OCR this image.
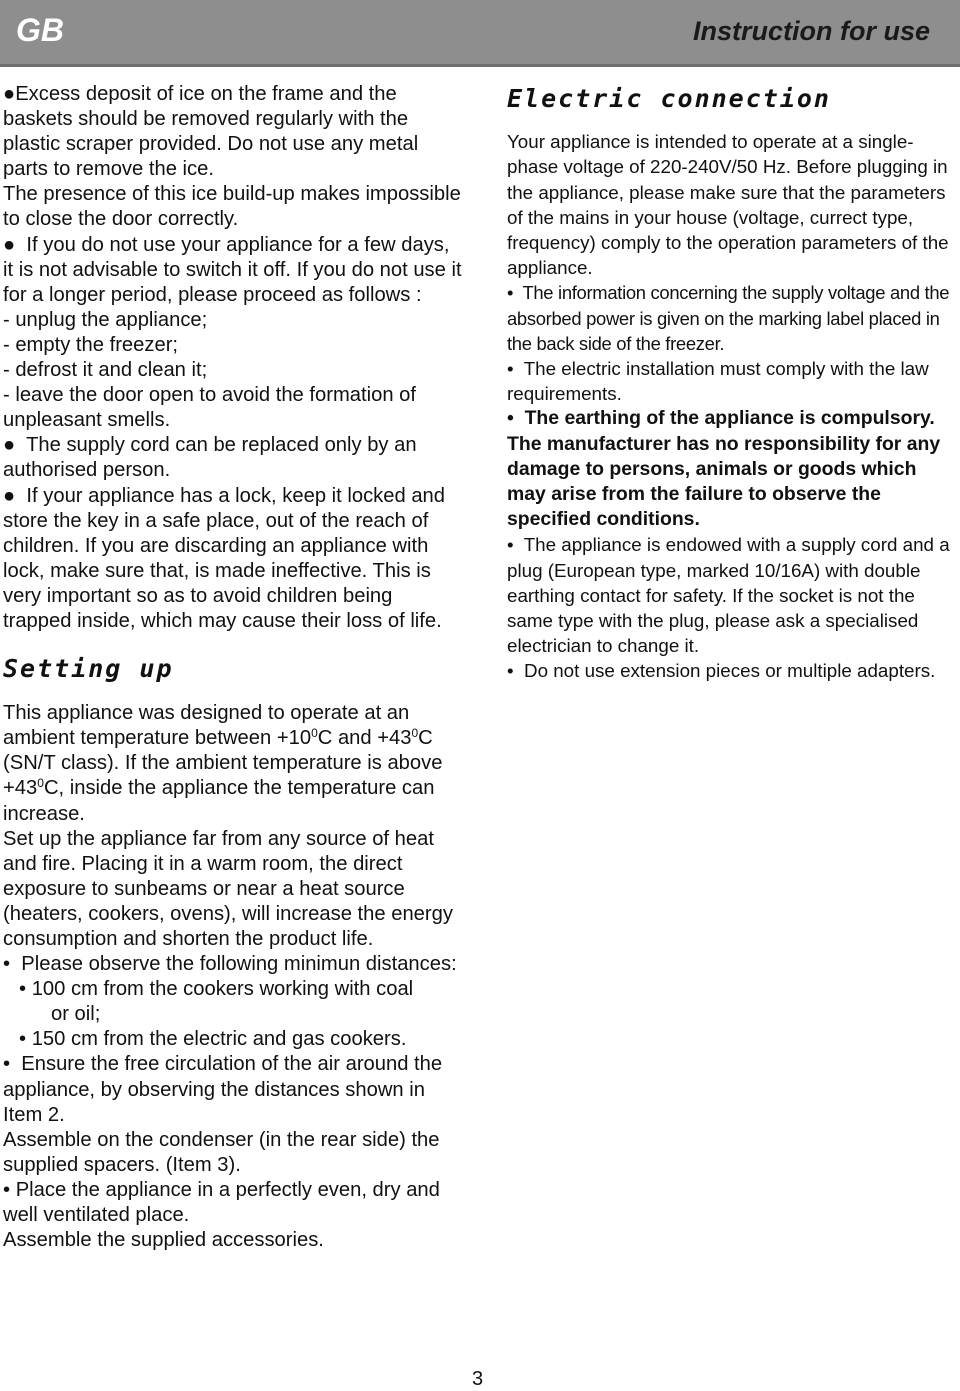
GB	Instruction for use

●Excess deposit of ice on the frame and the baskets should be removed regularly with the plastic scraper provided. Do not use any metal parts to remove the ice.

The presence of this ice build-up makes impossible to close the door correctly.

● If you do not use your appliance for a few days, it is not advisable to switch it off. If you do not use it for a longer period, please proceed as follows :

- unplug the appliance;

- empty the freezer;

- defrost it and clean it;

- leave the door open to avoid the formation of unpleasant smells.

● The supply cord can be replaced only by an authorised person.

● If your appliance has a lock, keep it locked and store the key in a safe place, out of the reach of children. If you are discarding an appliance with lock, make sure that, is made ineffective. This is very important so as to avoid children being trapped inside, which may cause their loss of life.

Setting up

This appliance was designed to operate at an ambient temperature between $+10^0C$ and $+43^0C$ (SN/T class). If the ambient temperature is above $+43^0C$, inside the appliance the temperature can increase.

Set up the appliance far from any source of heat and fire. Placing it in a warm room, the direct exposure to sunbeams or near a heat source (heaters, cookers, ovens), will increase the energy consumption and shorten the product life.

• Please observe the following minimun distances:

• 100 cm from the cookers working with coal

or oil;

• 150 cm from the electric and gas cookers.

• Ensure the free circulation of the air around the appliance, by observing the distances shown in Item 2.

Assemble on the condenser (in the rear side) the supplied spacers. (Item 3).

• Place the appliance in a perfectly even, dry and well ventilated place.

Assemble the supplied accessories.

Electric connection

Your appliance is intended to operate at a single-phase voltage of 220-240V/50 Hz. Before plugging in the appliance, please make sure that the parameters of the mains in your house (voltage, currect type, frequency) comply to the operation parameters of the appliance.

• The information concerning the supply voltage and the absorbed power is given on the marking label placed in the back side of the freezer.

• The electric installation must comply with the law requirements.

• The earthing of the appliance is compulsory. The manufacturer has no responsibility for any damage to persons, animals or goods which may arise from the failure to observe the specified conditions.

• The appliance is endowed with a supply cord and a plug (European type, marked 10/16A) with double earthing contact for safety. If the socket is not the same type with the plug, please ask a specialised electrician to change it.

• Do not use extension pieces or multiple adapters.

3
